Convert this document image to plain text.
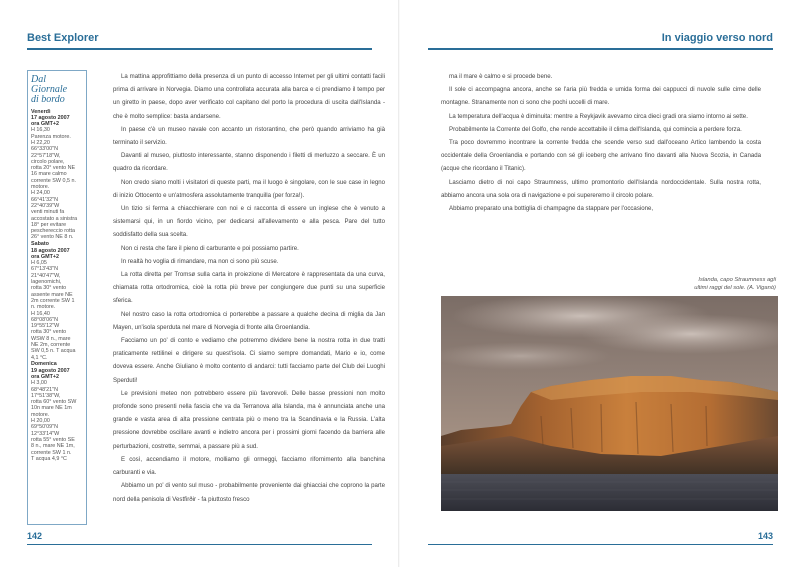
Best Explorer
Dal
Giornale
di bordo
Venerdì
17 agosto 2007
ora GMT+2
H 16,30
Parenza motore.
H 22,20
66°33'00"N
22°57'18"W,
circolo polare,
rotta 20° vento NE
16 mare calmo
corrente SW 0,5 n.
motore.
H 24,00
66°41'32"N
22°40'39"W
venti minuti fa
accostato a sinistra
18° per evitare
peschereccio rotta
26° vento NE 8 n.
Sabato
18 agosto 2007
ora GMT+2
H 6,05
67°13'43"N
21°40'47"W,
lagenomichi,
rotta 30° vento
assente mare NE
2m corrente SW 1
n. motore.
H 16,40
68°08'06"N
19°55'12"W
rotta 30° vento
WSW 8 n., mare
NE 2m, corrente
SW 0,5 n. T acqua
4,1 °C.
Domenica
19 agosto 2007
ora GMT+2
H 3,00
68°48'21"N
17°51'38"W,
rotta 60° vento SW
10n mare NE 1m
motore.
H 20,00
69°50'09"N
12°33'14"W
rotta 55° vento SE
8 n., mare NE 1m,
corrente SW 1 n.
T acqua 4,9 °C

La mattina approfittiamo della presenza di un punto di accesso Internet per gli ultimi contatti facili prima di arrivare in Norvegia. Diamo una controllata accurata alla barca e ci prendiamo il tempo per un giretto in paese, dopo aver verificato col capitano del porto la procedura di uscita dall'Islanda - che è molto semplice: basta andarsene.

In paese c'è un museo navale con accanto un ristorantino, che però quando arriviamo ha già terminato il servizio.

Davanti al museo, piuttosto interessante, stanno disponendo i filetti di merluzzo a seccare. È un quadro da ricordare.

Non credo siano molti i visitatori di queste parti, ma il luogo è singolare, con le sue case in legno di inizio Ottocento e un'atmosfera assolutamente tranquilla (per forza!).

Un tizio si ferma a chiacchierare con noi e ci racconta di essere un inglese che è venuto a sistemarsi qui, in un fiordo vicino, per dedicarsi all'allevamento e alla pesca. Pare del tutto soddisfatto della sua scelta.

Non ci resta che fare il pieno di carburante e poi possiamo partire.

In realtà ho voglia di rimandare, ma non ci sono più scuse.

La rotta diretta per Tromsø sulla carta in proiezione di Mercatore è rappresentata da una curva, chiamata rotta ortodromica, cioè la rotta più breve per congiungere due punti su una superficie sferica.

Nel nostro caso la rotta ortodromica ci porterebbe a passare a qualche decina di miglia da Jan Mayen, un'isola sperduta nel mare di Norvegia di fronte alla Groenlandia.

Facciamo un po' di conto e vediamo che potremmo dividere bene la nostra rotta in due tratti praticamente rettilinei e dirigere su quest'isola. Ci siamo sempre domandati, Mario e io, come doveva essere. Anche Giuliano è molto contento di andarci: tutti facciamo parte del Club dei Luoghi Sperduti!

Le previsioni meteo non potrebbero essere più favorevoli. Delle basse pressioni non molto profonde sono presenti nella fascia che va da Terranova alla Islanda, ma è annunciata anche una grande e vasta area di alta pressione centrata più o meno tra la Scandinavia e la Russia. L'alta pressione dovrebbe oscillare avanti e indietro ancora per i prossimi giorni facendo da barriera alle perturbazioni, costrette, semmai, a passare più a sud.

E così, accendiamo il motore, molliamo gli ormeggi, facciamo rifornimento alla banchina carburanti e via.

Abbiamo un po' di vento sul muso - probabilmente proveniente dai ghiacciai che coprono la parte nord della penisola di Vestfirðir - fa piuttosto fresco

142
In viaggio verso nord

ma il mare è calmo e si procede bene.

Il sole ci accompagna ancora, anche se l'aria più fredda e umida forma dei cappucci di nuvole sulle cime delle montagne. Stranamente non ci sono che pochi uccelli di mare.

La temperatura dell'acqua è diminuita: mentre a Reykjavik avevamo circa dieci gradi ora siamo intorno ai sette.

Probabilmente la Corrente del Golfo, che rende accettabile il clima dell'Islanda, qui comincia a perdere forza.

Tra poco dovremmo incontrare la corrente fredda che scende verso sud dall'oceano Artico lambendo la costa occidentale della Groenlandia e portando con sé gli iceberg che arrivano fino davanti alla Nuova Scozia, in Canada (acque che ricordano il Titanic).

Lasciamo dietro di noi capo Straumness, ultimo promontorio dell'Islanda nordoccidentale. Sulla nostra rotta, abbiamo ancora una sola ora di navigazione e poi supereremo il circolo polare.

Abbiamo preparato una bottiglia di champagne da stappare per l'occasione,

143
Islanda, capo Straumness agli
ultimi raggi del sole. (A. Viganò)
